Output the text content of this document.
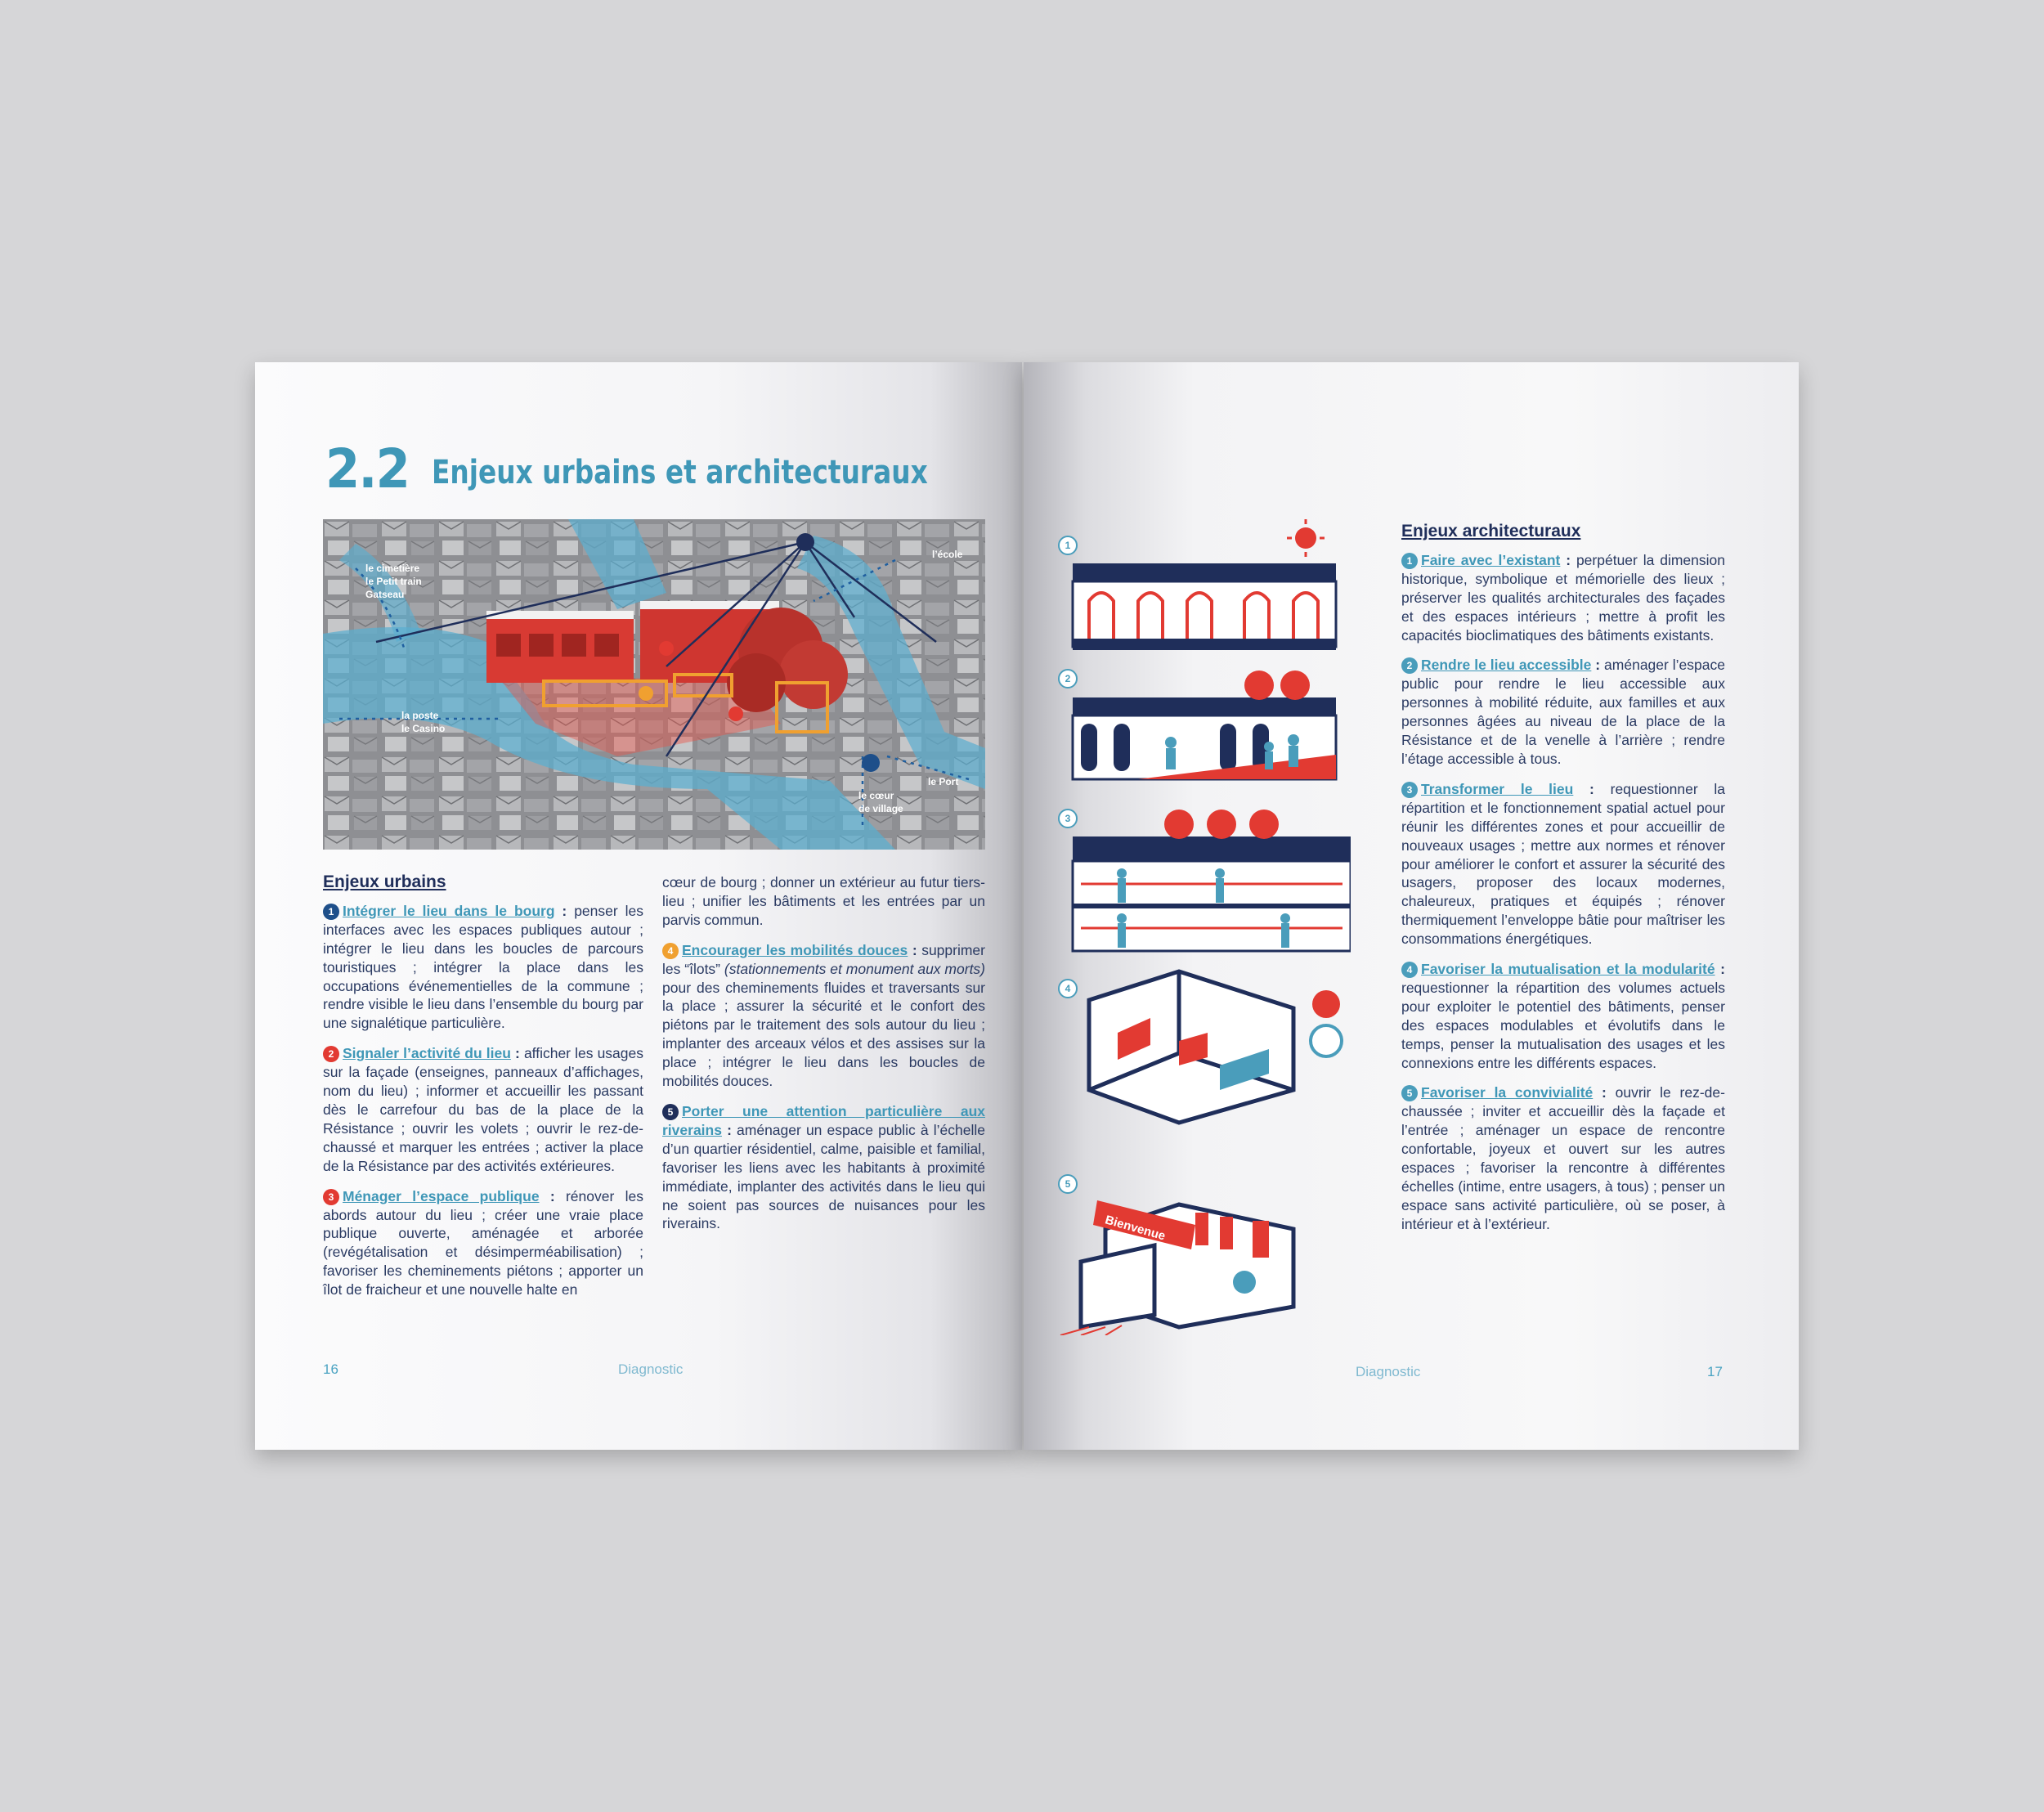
2.2 Enjeux urbains et architecturaux
le cimetière
le Petit train
Gatseau
l’école
la poste
le Casino
le Port
le cœur
de village
Enjeux urbains

1 Intégrer le lieu dans le bourg : penser les interfaces avec les espaces publiques autour ; intégrer le lieu dans les boucles de parcours touristiques ; intégrer la place dans les occupations événementielles de la commune ; rendre visible le lieu dans l’ensemble du bourg par une signalétique particulière.

2 Signaler l’activité du lieu : afficher les usages sur la façade (enseignes, panneaux d’affichages, nom du lieu) ; informer et accueillir les passant dès le carrefour du bas de la place de la Résistance ; ouvrir les volets ; ouvrir le rez-de-chaussé et marquer les entrées ; activer la place de la Résistance par des activités extérieures.

3 Ménager l’espace publique : rénover les abords autour du lieu ; créer une vraie place publique ouverte, aménagée et arborée (revégétalisation et désimperméabilisation) ; favoriser les cheminements piétons ; apporter un îlot de fraicheur et une nouvelle halte en

cœur de bourg ; donner un extérieur au futur tiers-lieu ; unifier les bâtiments et les entrées par un parvis commun.

4 Encourager les mobilités douces : supprimer les “îlots” (stationnements et monument aux morts) pour des cheminements fluides et traversants sur la place ; assurer la sécurité et le confort des piétons par le traitement des sols autour du lieu ; implanter des arceaux vélos et des assises sur la place ; intégrer le lieu dans les boucles de mobilités douces.

5 Porter une attention particulière aux riverains : aménager un espace public à l’échelle d’un quartier résidentiel, calme, paisible et familial, favoriser les liens avec les habitants à proximité immédiate, implanter des activités dans le lieu qui ne soient pas sources de nuisances pour les riverains.

16	Diagnostic
1
2
3
4
5
Bienvenue
Enjeux architecturaux

1 Faire avec l’existant : perpétuer la dimension historique, symbolique et mémorielle des lieux ; préserver les qualités architecturales des façades et des espaces intérieurs ; mettre à profit les capacités bioclimatiques des bâtiments existants.

2 Rendre le lieu accessible : aménager l’espace public pour rendre le lieu accessible aux personnes à mobilité réduite, aux familles et aux personnes âgées au niveau de la place de la Résistance et de la venelle à l’arrière ; rendre l’étage accessible à tous.

3 Transformer le lieu : requestionner la répartition et le fonctionnement spatial actuel pour réunir les différentes zones et pour accueillir de nouveaux usages ; mettre aux normes et rénover pour améliorer le confort et assurer la sécurité des usagers, proposer des locaux modernes, chaleureux, pratiques et équipés ; rénover thermiquement l’enveloppe bâtie pour maîtriser les consommations énergétiques.

4 Favoriser la mutualisation et la modularité : requestionner la répartition des volumes actuels pour exploiter le potentiel des bâtiments, penser des espaces modulables et évolutifs dans le temps, penser la mutualisation des usages et les connexions entre les différents espaces.

5 Favoriser la convivialité : ouvrir le rez-de-chaussée ; inviter et accueillir dès la façade et l’entrée ; aménager un espace de rencontre confortable, joyeux et ouvert sur les autres espaces ; favoriser la rencontre à différentes échelles (intime, entre usagers, à tous) ; penser un espace sans activité particulière, où se poser, à intérieur et à l’extérieur.

Diagnostic	17
